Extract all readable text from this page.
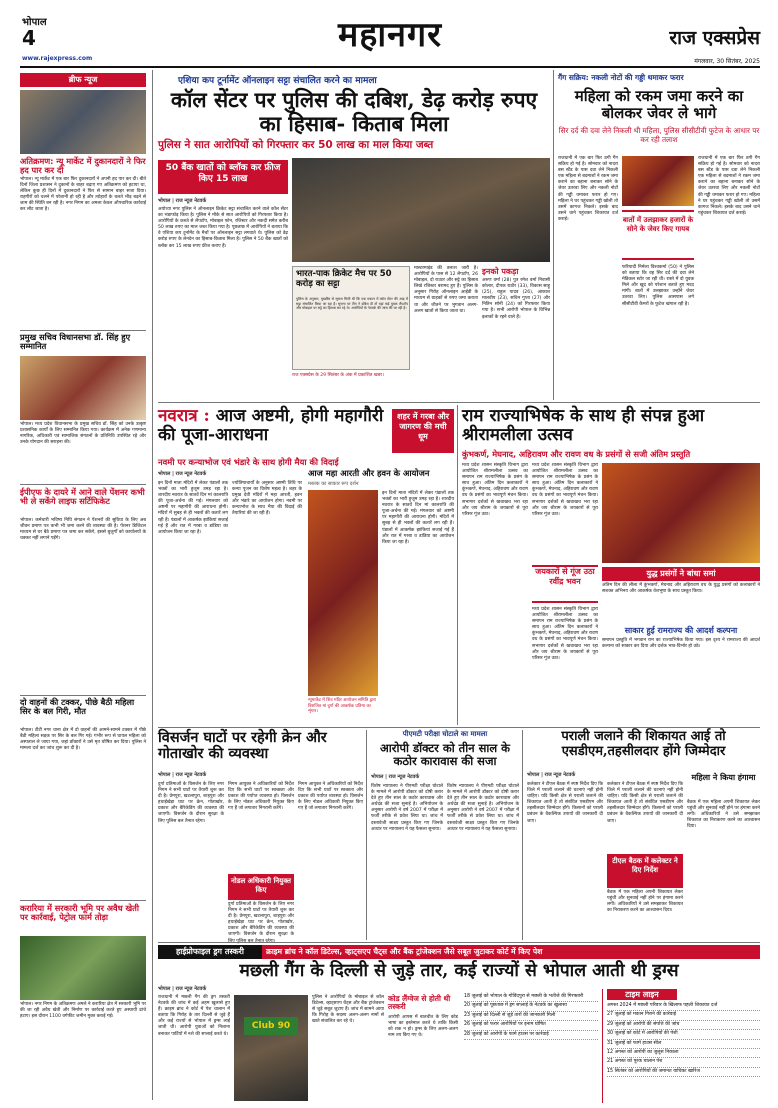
भोपाल
4
www.rajexpress.com
महानगर	राज एक्सप्रेस
मंगलवार, 30 सितंबर, 2025
ब्रीफ न्यूज
अतिक्रमण: न्यू मार्केट में दुकानदारों ने फिर हद पार कर दी
भोपाल। न्यू मार्केट में एक बार फिर दुकानदारों ने अपनी हद पार कर दी। बीते दिनों जिला प्रशासन ने दुकानों के बाहर बढ़ाए गए अतिक्रमण को हटाया था, लेकिन कुछ ही दिनों में दुकानदारों ने फिर से सामान बाहर सजा दिया। राहगीरों को चलने में परेशानी हो रही है और त्योहारों के चलते भीड़ बढ़ने से जाम की स्थिति बन रही है। नगर निगम का अमला केवल औपचारिक कार्रवाई कर लौट जाता है।
प्रमुख सचिव विधानसभा डॉ. सिंह हुए सम्मानित
भोपाल। मध्य प्रदेश विधानसभा के प्रमुख सचिव डॉ. सिंह को उनके उत्कृष्ट प्रशासनिक कार्यों के लिए सम्मानित किया गया। कार्यक्रम में अनेक गणमान्य नागरिक, अधिकारी एवं सामाजिक संगठनों के प्रतिनिधि उपस्थित रहे और उनके योगदान की सराहना की।
ईपीएफ के दायरे में आने वाले पेंशनर कभी भी ले सकेंगे लाइफ सर्टिफिकेट
भोपाल। कर्मचारी भविष्य निधि संगठन ने पेंशनरों की सुविधा के लिए अब जीवन प्रमाण पत्र कभी भी जमा करने की व्यवस्था की है। पेंशनर डिजिटल माध्यम से घर बैठे प्रमाण पत्र जमा कर सकेंगे, इससे बुजुर्गों को कार्यालयों के चक्कर नहीं लगाने पड़ेंगे।
दो वाहनों की टक्कर, पीछे बैठी महिला सिर के बल गिरी, मौत
भोपाल। टीटी नगर थाना क्षेत्र में दो वाहनों की आमने-सामने टक्कर में पीछे बैठी महिला सड़क पर सिर के बल गिर गई। गंभीर रूप से घायल महिला को अस्पताल ले जाया गया, जहां डॉक्टरों ने उसे मृत घोषित कर दिया। पुलिस ने मामला दर्ज कर जांच शुरू कर दी है।
करारिया में सरकारी भूमि पर अवैध खेती पर कार्रवाई, पेट्रोल फार्म तोड़ा
भोपाल। नगर निगम के अतिक्रमण अमले ने करारिया क्षेत्र में सरकारी भूमि पर की जा रही अवैध खेती और निर्माण पर कार्रवाई करते हुए अस्थायी ढांचे हटाए। इस दौरान 1100 वर्गफीट जमीन मुक्त कराई गई।
एशिया कप टूर्नामेंट ऑनलाइन सट्टा संचालित करने का मामला
कॉल सेंटर पर पुलिस की दबिश, डेढ़ करोड़ रुपए का हिसाब- किताब मिला
पुलिस ने सात आरोपियों को गिरफ्तार कर 50 लाख का माल किया जब्त
50 बैंक खातों को ब्लॉक कर फ्रीज किए 15 लाख
भोपाल | राज न्यूज नेटवर्क
अयोध्या नगर पुलिस ने ऑनलाइन क्रिकेट सट्टा संचालित करने वाले कॉल सेंटर का भंडाफोड़ किया है। पुलिस ने मौके से सात आरोपियों को गिरफ्तार किया है। आरोपियों के कब्जे से लैपटॉप, मोबाइल फोन, रजिस्टर और नकदी समेत करीब 50 लाख रुपए का माल जब्त किया गया है। पूछताछ में आरोपियों ने बताया कि वे एशिया कप टूर्नामेंट के मैचों पर ऑनलाइन सट्टा लगवाते थे। पुलिस को डेढ़ करोड़ रुपए के लेनदेन का हिसाब-किताब मिला है। पुलिस ने 50 बैंक खातों को ब्लॉक कर 15 लाख रुपए फ्रीज कराए हैं।
भारत-पाक क्रिकेट मैच पर 50 करोड़ का सट्टा
पुलिस के अनुसार, मुखबिर से सूचना मिली थी कि एक मकान में कॉल सेंटर की आड़ में सट्टा संचालित किया जा रहा है। सूचना पर टीम ने दबिश दी तो वहां कई युवक लैपटॉप और मोबाइल पर सट्टे का हिसाब कर रहे थे। आरोपियों के नेटवर्क की जांच की जा रही है।
राज एक्सप्रेस के 29 सितंबर के अंक में प्रकाशित खबर।
मास्टरमाइंड की तलाश जारी है। आरोपियों के पास से 12 लैपटॉप, 26 मोबाइल, दो राउटर और सट्टे का हिसाब लिखे रजिस्टर बरामद हुए हैं। पुलिस के अनुसार गिरोह ऑनलाइन आईडी के माध्यम से ग्राहकों से रुपए जमा कराता था और जीतने पर भुगतान अलग-अलग खातों से किया जाता था।
इनको पकड़ा
अरुण वर्मा (28) पुत्र रमेश वर्मा निवासी कोलार, दीपक राठौर (33), विकास साहू (25), राहुल यादव (26), आकाश मालवीय (23), सचिन गुप्ता (27) और नितिन सोनी (24) को गिरफ्तार किया गया है। सभी आरोपी भोपाल के विभिन्न इलाकों के रहने वाले हैं।
गैंग सक्रिय: नकली नोटों की गड्डी थमाकर फरार
महिला को रकम जमा करने का बोलकर जेवर ले भागे
सिर दर्द की दवा लेने निकली थी महिला, पुलिस सीसीटीवी फुटेज के आधार पर कर रही तलाश
राजधानी में एक बार फिर ठगी गैंग सक्रिय हो गई है। सोमवार को नादरा बस स्टैंड के पास दवा लेने निकली एक महिला से बदमाशों ने रकम जमा कराने का बहाना बनाकर सोने के जेवर उतरवा लिए और नकली नोटों की गड्डी थमाकर फरार हो गए। महिला ने घर पहुंचकर गड्डी खोली तो उसमें कागज निकले। इसके बाद उसने थाने पहुंचकर शिकायत दर्ज कराई।	बातों में उलझाकर हजारों के सोने के जेवर किए गायब
फरियादी निर्मला विश्वकर्मा (50) ने पुलिस को बताया कि वह सिर दर्द की दवा लेने मेडिकल स्टोर जा रही थी। रास्ते में दो युवक मिले और खुद को परेशान बताते हुए मदद मांगी। बातों में उलझाकर उन्होंने जेवर उतरवा लिए। पुलिस आसपास लगे सीसीटीवी कैमरों के फुटेज खंगाल रही है।
राजधानी में एक बार फिर ठगी गैंग सक्रिय हो गई है। सोमवार को नादरा बस स्टैंड के पास दवा लेने निकली एक महिला से बदमाशों ने रकम जमा कराने का बहाना बनाकर सोने के जेवर उतरवा लिए और नकली नोटों की गड्डी थमाकर फरार हो गए। महिला ने घर पहुंचकर गड्डी खोली तो उसमें कागज निकले। इसके बाद उसने थाने पहुंचकर शिकायत दर्ज कराई।
नवरात्र : आज अष्टमी, होगी महागौरी की पूजा-आराधना
शहर में गरबा और जागरण की मची धूम
नवमी पर कन्याभोज एवं भंडारे के साथ होगी मैया की विदाई
भोपाल | राज न्यूज नेटवर्क
इन दिनों माता मंदिरों में लेकर पंडालों तक भक्तों का भारी हुजूम उमड़ रहा है। शारदीय नवरात्र के सातवें दिन मां कालरात्रि की पूजा-अर्चना की गई। मंगलवार को अष्टमी पर महागौरी की आराधना होगी। मंदिरों में सुबह से ही भक्तों की कतारें लग रही हैं। पंडालों में आकर्षक झांकियां सजाई गई हैं और रात में गरबा व डांडिया का आयोजन किया जा रहा है।
ज्योतिषाचार्यों के अनुसार अष्टमी तिथि पर कन्या पूजन का विशेष महत्व है। शहर के प्रमुख देवी मंदिरों में महा आरती, हवन और भंडारे का आयोजन होगा। नवमी पर कन्याभोज के साथ मैया की विदाई की तैयारियां की जा रही हैं।
आज महा आरती और हवन के आयोजन
मस्तक का साकार रूप दर्शन
न्यूमार्केट में शिव मंदिर आयोजन समिति द्वारा विराजित मां दुर्गा की आकर्षक प्रतिमा का शृंगार।
इन दिनों माता मंदिरों में लेकर पंडालों तक भक्तों का भारी हुजूम उमड़ रहा है। शारदीय नवरात्र के सातवें दिन मां कालरात्रि की पूजा-अर्चना की गई। मंगलवार को अष्टमी पर महागौरी की आराधना होगी। मंदिरों में सुबह से ही भक्तों की कतारें लग रही हैं। पंडालों में आकर्षक झांकियां सजाई गई हैं और रात में गरबा व डांडिया का आयोजन किया जा रहा है।
राम राज्याभिषेक के साथ ही संपन्न हुआ श्रीरामलीला उत्सव
कुंभकर्ण, मेघनाद, अहिरावण और रावण वध के प्रसंगों से सजी अंतिम प्रस्तुति
मध्य प्रदेश शासन संस्कृति विभाग द्वारा आयोजित श्रीरामलीला उत्सव का समापन राम राज्याभिषेक के प्रसंग के साथ हुआ। अंतिम दिन कलाकारों ने कुंभकर्ण, मेघनाद, अहिरावण और रावण वध के प्रसंगों का भावपूर्ण मंचन किया। सभागार दर्शकों से खचाखच भरा रहा और जय श्रीराम के जयकारों से पूरा परिसर गूंज उठा।
मध्य प्रदेश शासन संस्कृति विभाग द्वारा आयोजित श्रीरामलीला उत्सव का समापन राम राज्याभिषेक के प्रसंग के साथ हुआ। अंतिम दिन कलाकारों ने कुंभकर्ण, मेघनाद, अहिरावण और रावण वध के प्रसंगों का भावपूर्ण मंचन किया। सभागार दर्शकों से खचाखच भरा रहा और जय श्रीराम के जयकारों से पूरा परिसर गूंज उठा।
जयकारों से गूंज उठा रवींद्र भवन
मध्य प्रदेश शासन संस्कृति विभाग द्वारा आयोजित श्रीरामलीला उत्सव का समापन राम राज्याभिषेक के प्रसंग के साथ हुआ। अंतिम दिन कलाकारों ने कुंभकर्ण, मेघनाद, अहिरावण और रावण वध के प्रसंगों का भावपूर्ण मंचन किया। सभागार दर्शकों से खचाखच भरा रहा और जय श्रीराम के जयकारों से पूरा परिसर गूंज उठा।
युद्ध प्रसंगों ने बांधा समां
अंतिम दिन की लीला में कुंभकर्ण, मेघनाद और अहिरावण वध के युद्ध प्रसंगों को कलाकारों ने सशक्त अभिनय और आकर्षक वेशभूषा के साथ प्रस्तुत किया।
साकार हुई रामराज्य की आदर्श कल्पना
समापन प्रस्तुति में भगवान राम का राज्याभिषेक किया गया। इस दृश्य ने रामराज्य की आदर्श कल्पना को साकार कर दिया और दर्शक भाव-विभोर हो उठे।
विसर्जन घाटों पर रहेगी क्रेन और गोताखोर की व्यवस्था
भोपाल | राज न्यूज नेटवर्क
दुर्गा प्रतिमाओं के विसर्जन के लिए नगर निगम ने सभी घाटों पर तैयारी शुरू कर दी है। प्रेमपुरा, खटलापुरा, शाहपुरा और हथाईखेड़ा घाट पर क्रेन, गोताखोर, प्रकाश और बैरिकेडिंग की व्यवस्था की जाएगी। विसर्जन के दौरान सुरक्षा के लिए पुलिस बल तैनात रहेगा।
निगम आयुक्त ने अधिकारियों को निर्देश दिए कि सभी घाटों पर स्वच्छता और प्रकाश की पर्याप्त व्यवस्था हो। विसर्जन के लिए नोडल अधिकारी नियुक्त किए गए हैं जो लगातार निगरानी करेंगे।
नोडल अधिकारी नियुक्त किए
दुर्गा प्रतिमाओं के विसर्जन के लिए नगर निगम ने सभी घाटों पर तैयारी शुरू कर दी है। प्रेमपुरा, खटलापुरा, शाहपुरा और हथाईखेड़ा घाट पर क्रेन, गोताखोर, प्रकाश और बैरिकेडिंग की व्यवस्था की जाएगी। विसर्जन के दौरान सुरक्षा के
निगम आयुक्त ने अधिकारियों को निर्देश दिए कि सभी घाटों पर स्वच्छता और प्रकाश की पर्याप्त व्यवस्था हो। विसर्जन के लिए नोडल अधिकारी नियुक्त किए गए हैं जो लगातार निगरानी करेंगे।
पीएमटी परीक्षा घोटाले का मामला
आरोपी डॉक्टर को तीन साल के कठोर कारावास की सजा
भोपाल | राज न्यूज नेटवर्क
विशेष न्यायालय ने पीएमटी परीक्षा घोटाले के मामले में आरोपी डॉक्टर को दोषी करार देते हुए तीन साल के कठोर कारावास और अर्थदंड की सजा सुनाई है। अभियोजन के अनुसार आरोपी ने वर्ष 2007 में परीक्षा में फर्जी तरीके से प्रवेश लिया था। जांच में दस्तावेजी साक्ष्य प्रस्तुत किए गए जिनके आधार पर न्यायालय ने यह फैसला सुनाया।
विशेष न्यायालय ने पीएमटी परीक्षा घोटाले के मामले में आरोपी डॉक्टर को दोषी करार देते हुए तीन साल के कठोर कारावास और अर्थदंड की सजा सुनाई है। अभियोजन के अनुसार आरोपी ने वर्ष 2007 में परीक्षा में फर्जी तरीके से प्रवेश लिया था। जांच में दस्तावेजी साक्ष्य प्रस्तुत किए गए जिनके आधार पर न्यायालय ने यह फैसला सुनाया।
पराली जलाने की शिकायत आई तो एसडीएम,तहसीलदार होंगे जिम्मेदार
भोपाल | राज न्यूज नेटवर्क
कलेक्टर ने टीएल बैठक में स्पष्ट निर्देश दिए कि जिले में पराली जलाने की घटनाएं नहीं होनी चाहिए। यदि किसी क्षेत्र से पराली जलाने की शिकायत आती है तो संबंधित एसडीएम और तहसीलदार जिम्मेदार होंगे। किसानों को पराली प्रबंधन के वैकल्पिक उपायों की जानकारी दी जाए।
कलेक्टर ने टीएल बैठक में स्पष्ट निर्देश दिए कि जिले में पराली जलाने की घटनाएं नहीं होनी चाहिए। यदि किसी क्षेत्र से पराली जलाने की शिकायत आती है तो संबंधित एसडीएम और तहसीलदार जिम्मेदार होंगे। किसानों को पराली प्रबंधन के वैकल्पिक उपायों की जानकारी दी जाए।
टीएल बैठक में कलेक्टर ने दिए निर्देश
बैठक में एक महिला अपनी शिकायत लेकर पहुंची और सुनवाई नहीं होने पर हंगामा करने लगी। अधिकारियों ने उसे समझाकर शिकायत का निराकरण करने का आश्वासन दिया।
महिला ने किया हंगामा
बैठक में एक महिला अपनी शिकायत लेकर पहुंची और सुनवाई नहीं होने पर हंगामा करने लगी। अधिकारियों ने उसे समझाकर शिकायत का निराकरण करने का आश्वासन दिया।
हाईप्रोफाइल ड्रग तस्करी	क्राइम ब्रांच ने कॉल डिटेल्स, व्हाट्सएप चैट्स और बैंक ट्रांजेक्शन जैसे सबूत जुटाकर कोर्ट में किए पेश
मछली गैंग के दिल्ली से जुड़े तार, कई राज्यों से भोपाल आती थी ड्रग्स
भोपाल | राज न्यूज नेटवर्क
राजधानी में मछली गैंग की ड्रग तस्करी नेटवर्क की जांच में कई अहम खुलासे हुए हैं। क्राइम ब्रांच ने कोर्ट में पेश चालान में बताया कि गिरोह के तार दिल्ली से जुड़े हैं और कई राज्यों से भोपाल में ड्रग्स लाई जाती थी। आरोपी युवाओं को निशाना बनाकर पार्टियों में नशे की सप्लाई करते थे।
Club 90
पुलिस ने आरोपियों के मोबाइल से कॉल डिटेल्स, व्हाट्सएप चैट्स और बैंक ट्रांजेक्शन से जुड़े सबूत जुटाए हैं। जांच में सामने आया कि गिरोह के सदस्य अलग-अलग नामों से खाते संचालित कर रहे थे।
कोड लैंग्वेज से होती थी तस्करी
आरोपी आपस में बातचीत के लिए कोड भाषा का इस्तेमाल करते थे ताकि किसी को शक न हो। ड्रग्स के लिए अलग-अलग नाम तय किए गए थे।
18 जुलाई को भोपाल के गोविंदपुरा से मछली के भतीजे की गिरफ्तारी
20 जुलाई को पूछताछ में ड्रग सप्लाई के नेटवर्क का खुलासा
23 जुलाई को दिल्ली से जुड़े तारों की जानकारी मिली
26 जुलाई को फरार आरोपियों पर इनाम घोषित
28 जुलाई को आरोपी के फार्म हाउस पर कार्रवाई
टाइम लाइन
अगस्त 2024 में मछली परिवार के खिलाफ पहली शिकायत दर्ज
27 जुलाई को मकान गिराने की कार्रवाई
29 जुलाई को आरोपी की संपत्ति की जांच
30 जुलाई को कोर्ट में आरोपियों की पेशी
31 जुलाई को फार्म हाउस सील
12 अगस्त को आरोपी का जुलूस निकाला
21 अगस्त को पूरक चालान पेश
15 सितंबर को आरोपियों की जमानत याचिका खारिज
